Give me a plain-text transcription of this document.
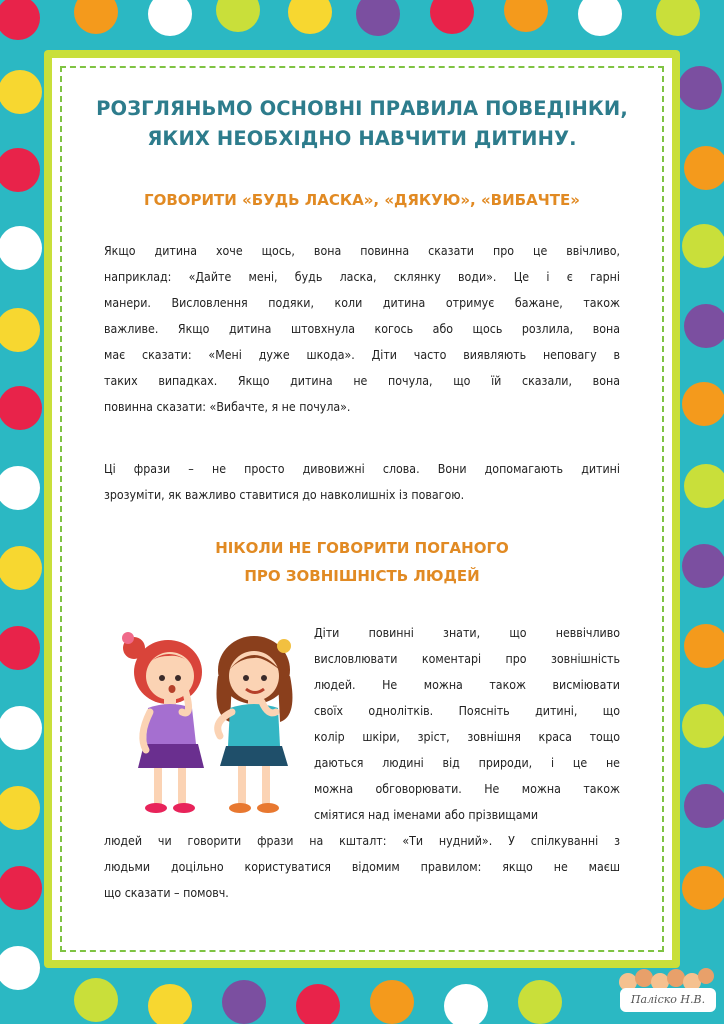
РОЗГЛЯНЬМО ОСНОВНІ ПРАВИЛА ПОВЕДІНКИ,
ЯКИХ НЕОБХІДНО НАВЧИТИ ДИТИНУ.
ГОВОРИТИ «БУДЬ ЛАСКА», «ДЯКУЮ», «ВИБАЧТЕ»

Якщо дитина хоче щось, вона повинна сказати про це ввічливо,
наприклад: «Дайте мені, будь ласка, склянку води». Це і є гарні
манери. Висловлення подяки, коли дитина отримує бажане, також
важливе. Якщо дитина штовхнула когось або щось розлила, вона
має сказати: «Мені дуже шкода». Діти часто виявляють неповагу в
таких випадках. Якщо дитина не почула, що їй сказали, вона
повинна сказати: «Вибачте, я не почула».

Ці фрази – не просто дивовижні слова. Вони допомагають дитині
зрозуміти, як важливо ставитися до навколишніх із повагою.

НІКОЛИ НЕ ГОВОРИТИ ПОГАНОГО
ПРО ЗОВНІШНІСТЬ ЛЮДЕЙ

Діти повинні знати, що неввічливо
висловлювати коментарі про зовнішність
людей. Не можна також висміювати
своїх однолітків. Поясніть дитині, що
колір шкіри, зріст, зовнішня краса тощо
даються людині від природи, і це не
можна обговорювати. Не можна також
сміятися над іменами або прізвищами

людей чи говорити фрази на кшталт: «Ти нудний». У спілкуванні з
людьми доцільно користуватися відомим правилом: якщо не маєш
що сказати – помовч.

Паліско Н.В.
